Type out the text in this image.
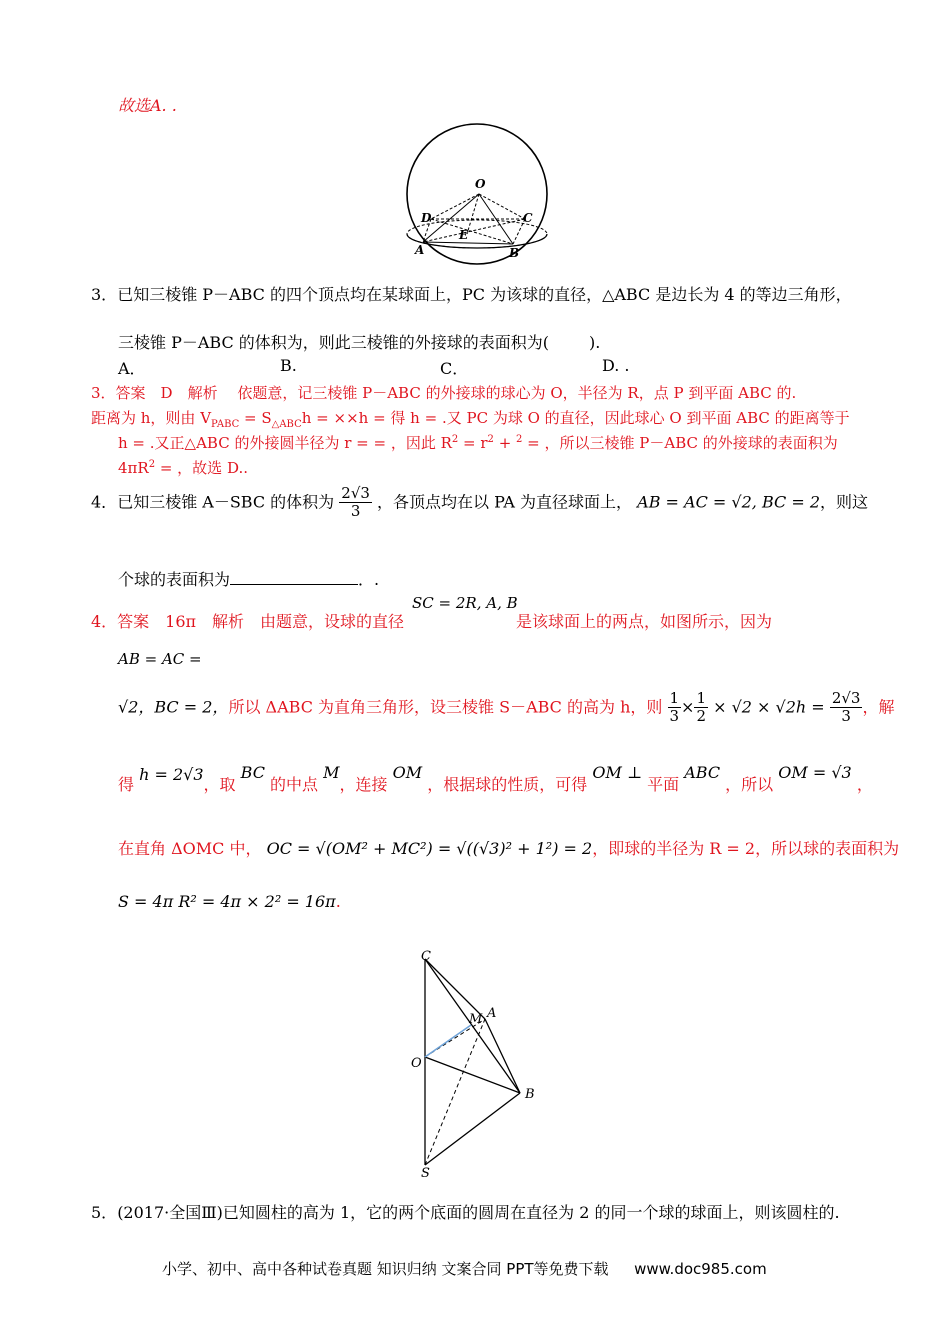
故选A. .
O
D	C
E
A	B
3．已知三棱锥 P－ABC 的四个顶点均在某球面上，PC 为该球的直径，△ABC 是边长为 4 的等边三角形，
三棱锥 P－ABC 的体积为，则此三棱锥的外接球的表面积为(	).
A．	B.	C．	D. .
3．答案　D　解析　 依题意，记三棱锥 P－ABC 的外接球的球心为 O，半径为 R，点 P 到平面 ABC 的.
距离为 h，则由 $V_{PABC} = S_{\triangle ABC}h = \times\times h$ = 得 h = .又 PC 为球 O 的直径，因此球心 O 到平面 ABC 的距离等于
h = .又正△ABC 的外接圆半径为 r = = ，因此 $R^2 = r^2 + ^2$ = ，所以三棱锥 P－ABC 的外接球的表面积为
$4\pi R^2$ = ，故选 D..
4．已知三棱锥 A－SBC 的体积为 $\frac{2√3}{3}$ ，各顶点均在以 PA 为直径球面上， AB = AC = √2, BC = 2，则这
个球的表面积为	．.
4．答案　16π　解析　由题意，设球的直径
SC = 2R, A, B
是该球面上的两点，如图所示，因为
AB = AC =
√2，BC = 2，所以 ΔABC 为直角三角形，设三棱锥 S－ABC 的高为 h，则 $\frac{1}{3} \times \frac{1}{2} \times √2 \times √2h = \frac{2√3}{3}$ ，解
得 h = 2√3，取 BC 的中点 M，连接 OM ，根据球的性质，可得 OM ⊥ 平面 ABC ，所以 OM = √3 ，
在直角 ΔOMC 中， OC = √(OM² + MC²) = √((√3)² + 1²) = 2，即球的半径为 R = 2，所以球的表面积为
S = 4π R² = 4π × 2² = 16π.
C
M A
O
B
S
5．(2017·全国Ⅲ)已知圆柱的高为 1，它的两个底面的圆周在直径为 2 的同一个球的球面上，则该圆柱的.
小学、初中、高中各种试卷真题 知识归纳 文案合同 PPT等免费下载 www.doc985.com
